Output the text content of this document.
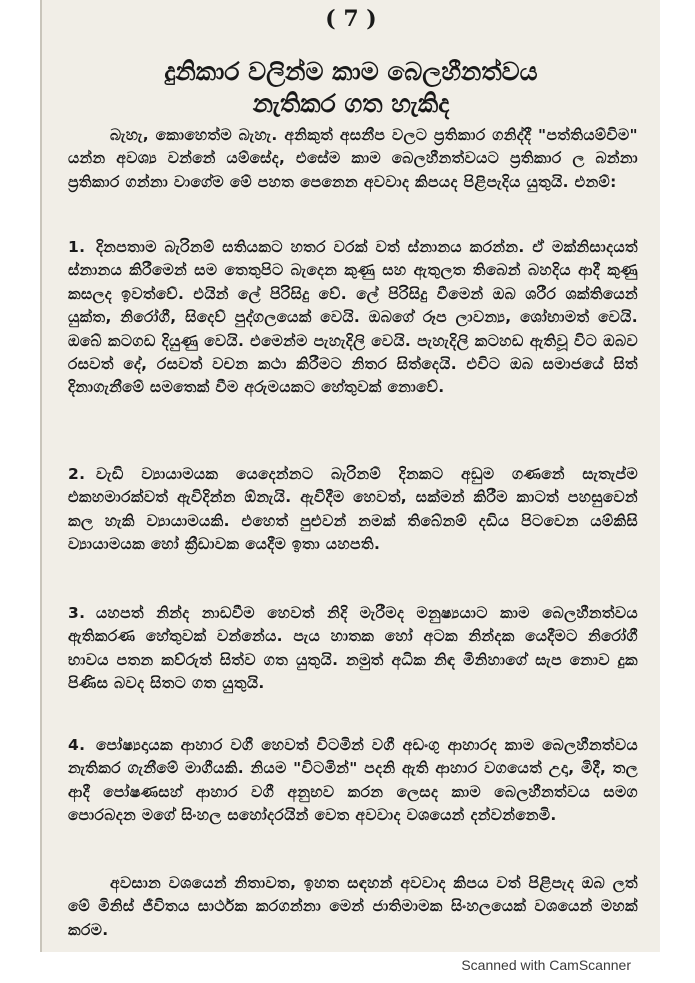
( 7 )
දුනිකාර වලින්ම කාම බෙලහීනත්වය
නැතිකර ගත හැකිද
බැහැ, කොහෙත්ම බැහැ. අනිකුත් අසනීප වලට ප්‍රතිකාර ගනිද්දී "පත්තියම්විම" යන්න අවශ්‍ය වන්නේ යම්සේද, එසේම කාම බෙලහීනත්වයට ප්‍රතිකාර ල බන්නා ප්‍රතිකාර ගන්නා වාගේම මේ පහත පෙනෙන අවවාද කිපයද පිළිපැදිය යුතුයි. එනම්:
1. දිනපතාම බැරිනම් සතියකට හතර වරක් වත් ස්නානය කරන්න. ඒ මක්නිසාදයත් ස්නානය කිරීමෙන් සම තෙතුපිට බැදෙන කුණු සහ ඇතුලත තිබෙන් බහදිය ආදී කුණු කසලද ඉවත්වේ. එයින් ලේ පිරිසිදු වේ. ලේ පිරිසිදු වීමෙන් ඔබ ශරීර ශක්තියෙන් යුක්ත, නිරෝගී, සිදෙව් පුද්ගලයෙක් වෙයි. ඔබගේ රූප ලාවන්‍ය, ශෝභාමත් වෙයි. ඔබේ කටගඩ දියුණු වෙයි. එමෙන්ම පැහැදිලි වෙයි. පැහැදිලි කටහඩ ඇතිවූ විට ඔබව රසවත් දේ, රසවත් වචන කථා කිරීමට නිතර සිත්දෙයි. එවිට ඔබ සමාජයේ සිත් දිනාගැනීමේ සමතෙක් වීම අරුමයකට හේතුවක් නොවේ.
2. වැඩි ව්‍යායාමයක යෙදෙන්නට බැරිනම් දිනකට අඩුම ගණනේ සැතැප්ම එකහමාරක්වත් ඇවිදින්න ඕනැයි. ඇවිදීම හෙවත්, සක්මන් කිරීම කාටත් පහසුවෙන් කල හැකි ව්‍යායාමයකි. එහෙත් පුළුවන් නමක් තිබේනම් දඩිය පිටවෙන යම්කිසි ව්‍යායාමයක හෝ ක්‍රීඩාවක යෙදීම ඉතා යහපති.
3. යහපත් නින්ද නාඩවීම හෙවත් නිදි මැරීමද මනුෂ්‍යයාට කාම බෙලහීනත්වය ඇතිකරණ හේතුවක් වන්නේය. පැය හාතක හෝ අටක නින්දක යෙදීමට නිරෝගී භාවය පතන කව්රුත් සිත්ව ගත යුතුයි. නමුත් අධික නිඳ මිනිහාගේ සැප නොව දුක පිණිස බවද සිතට ගත යුතුයි.
4. පෝෂ්‍යදායක ආහාර වගී හෙවත් විටමින් වගී අඩංගු ආහාරද කාම බෙලහීනත්වය නැතිකර ගැනීමේ මාගීයකි. නියම "විටමින්" පදනි ඇති ආහාර වගයෙත් උදා, මිදී, තල ආදී පෝෂණසහ් ආහාර වගී අනුභව කරන ලෙසද කාම බෙලහීනත්වය සමග පොරබදන මගේ සිංහල සහෝදරයින් වෙත අවවාද වශයෙන් දන්වන්නෙමි.
අවසාන වශයෙන් නිතාවත, ඉහත සඳහන් අවවාද කිපය වත් පිළිපැද ඔබ ලත් මේ මිනිස් ජීවිතය සාර්ථක කරගන්නා මෙන් ජාතිමාමක සිංහලයෙක් වශයෙන් මහක් කරම.
Scanned with CamScanner
